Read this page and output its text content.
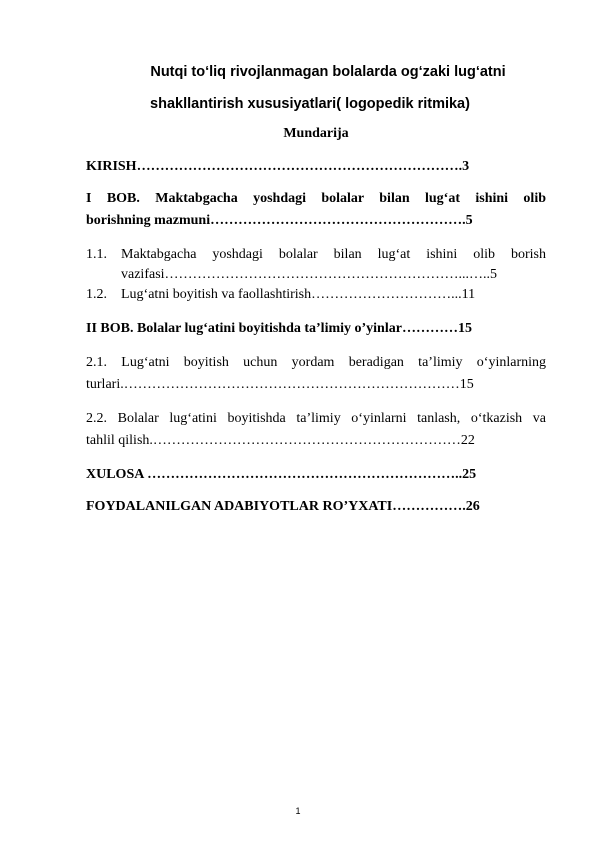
Nutqi to‘liq rivojlanmagan bolalarda og‘zaki lug‘atni
shakllantirish xususiyatlari( logopedik ritmika)
Mundarija
KIRISH…………………………………………………………….3
I BOB. Maktabgacha yoshdagi bolalar bilan lug‘at ishini olib
borishning mazmuni……………………………………………….5
1.1. Maktabgacha yoshdagi bolalar bilan lug‘at ishini olib borish
vazifasi………………………………………………………...…..5
1.2. Lug‘atni boyitish va faollashtirish…………………………...11
II BOB. Bolalar lug‘atini boyitishda ta’limiy o’yinlar…………15
2.1. Lug‘atni boyitish uchun yordam beradigan ta’limiy o‘yinlarning
turlari.………………………………………………………………15
2.2. Bolalar lug‘atini boyitishda ta’limiy o‘yinlarni tanlash, o‘tkazish va
tahlil qilish.…………………………………………………………22
XULOSA …………………………………………………………..25
FOYDALANILGAN ADABIYOTLAR RO’YXATI…………….26
1
